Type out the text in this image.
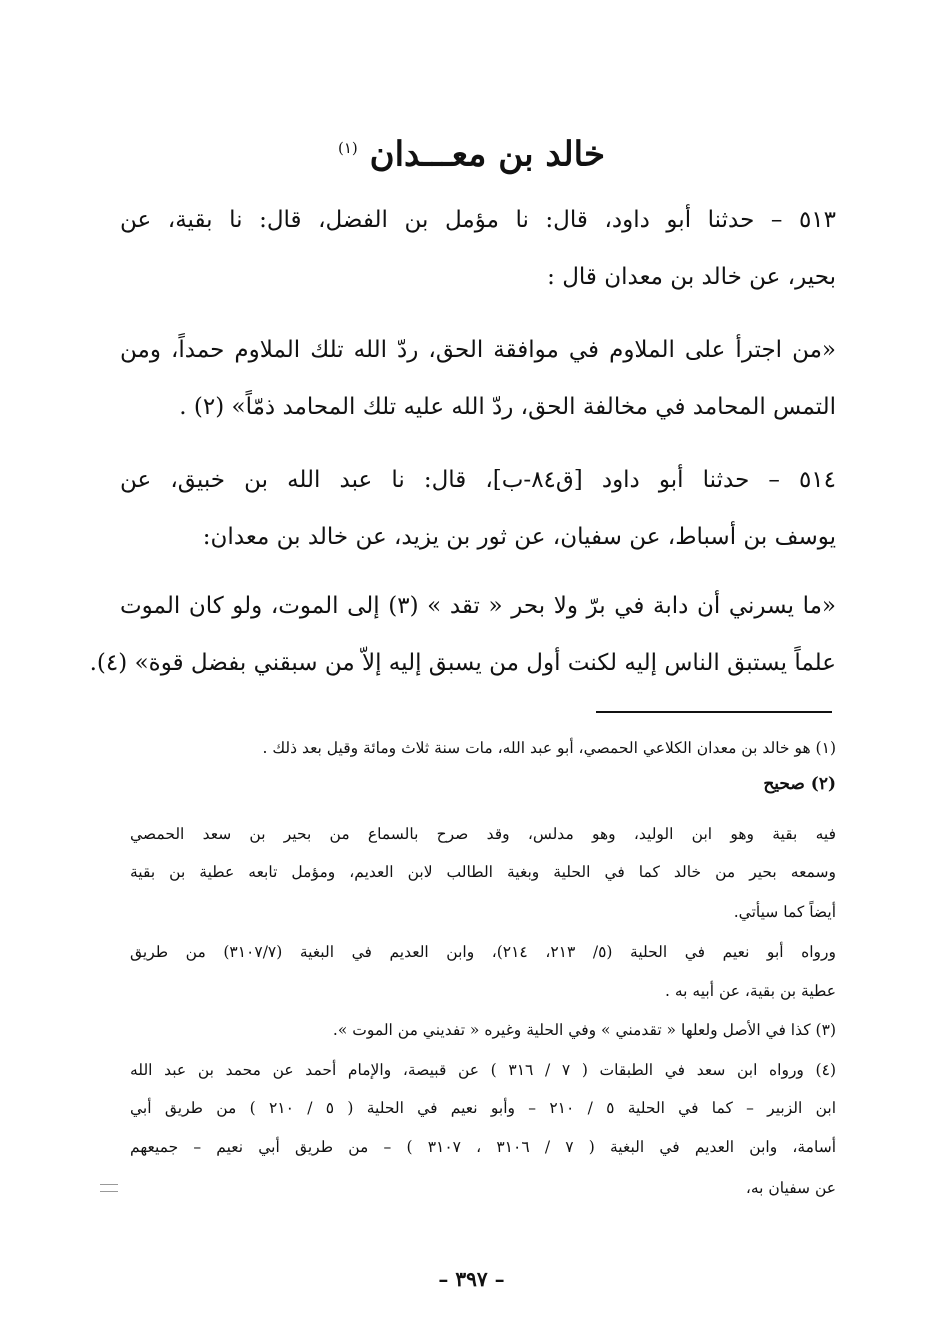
خالد بن معـــدان $^{(١)}$
٥١٣ – حدثنا أبو داود، قال: نا مؤمل بن الفضل، قال: نا بقية، عن
بحير، عن خالد بن معدان قال :
«من اجترأ على الملاوم في موافقة الحق، ردّ الله تلك الملاوم حمداً، ومن
التمس المحامد في مخالفة الحق، ردّ الله عليه تلك المحامد ذمّاً» (٢) .
٥١٤ – حدثنا أبو داود [ق٨٤-ب]، قال: نا عبد الله بن خبيق، عن
يوسف بن أسباط، عن سفيان، عن ثور بن يزيد، عن خالد بن معدان:
«ما يسرني أن دابة في برّ ولا بحر « تقد » (٣) إلى الموت، ولو كان الموت
علماً يستبق الناس إليه لكنت أول من يسبق إليه إلاّ من سبقني بفضل قوة» (٤).
(١) هو خالد بن معدان الكلاعي الحمصي، أبو عبد الله، مات سنة ثلاث ومائة وقيل بعد ذلك .
(٢) صحيح
فيه بقية وهو ابن الوليد، وهو مدلس، وقد صرح بالسماع من بحير بن سعد الحمصي
وسمعه بحير من خالد كما في الحلية وبغية الطالب لابن العديم، ومؤمل تابعه عطية بن بقية
أيضاً كما سيأتي.
ورواه أبو نعيم في الحلية (٥/ ٢١٣، ٢١٤)، وابن العديم في البغية (٣١٠٧/٧) من طريق
عطية بن بقية، عن أبيه به .
(٣) كذا في الأصل ولعلها « تقدمني » وفي الحلية وغيره « تفديني من الموت ».
(٤) ورواه ابن سعد في الطبقات ( ٧ / ٣١٦ ) عن قبيصة، والإمام أحمد عن محمد بن عبد الله
ابن الزبير – كما في الحلية ٥ / ٢١٠ – وأبو نعيم في الحلية ( ٥ / ٢١٠ ) من طريق أبي
أسامة، وابن العديم في البغية ( ٧ / ٣١٠٦ ، ٣١٠٧ ) – من طريق أبي نعيم – جميعهم
عن سفيان به،
– ٣٩٧ –
